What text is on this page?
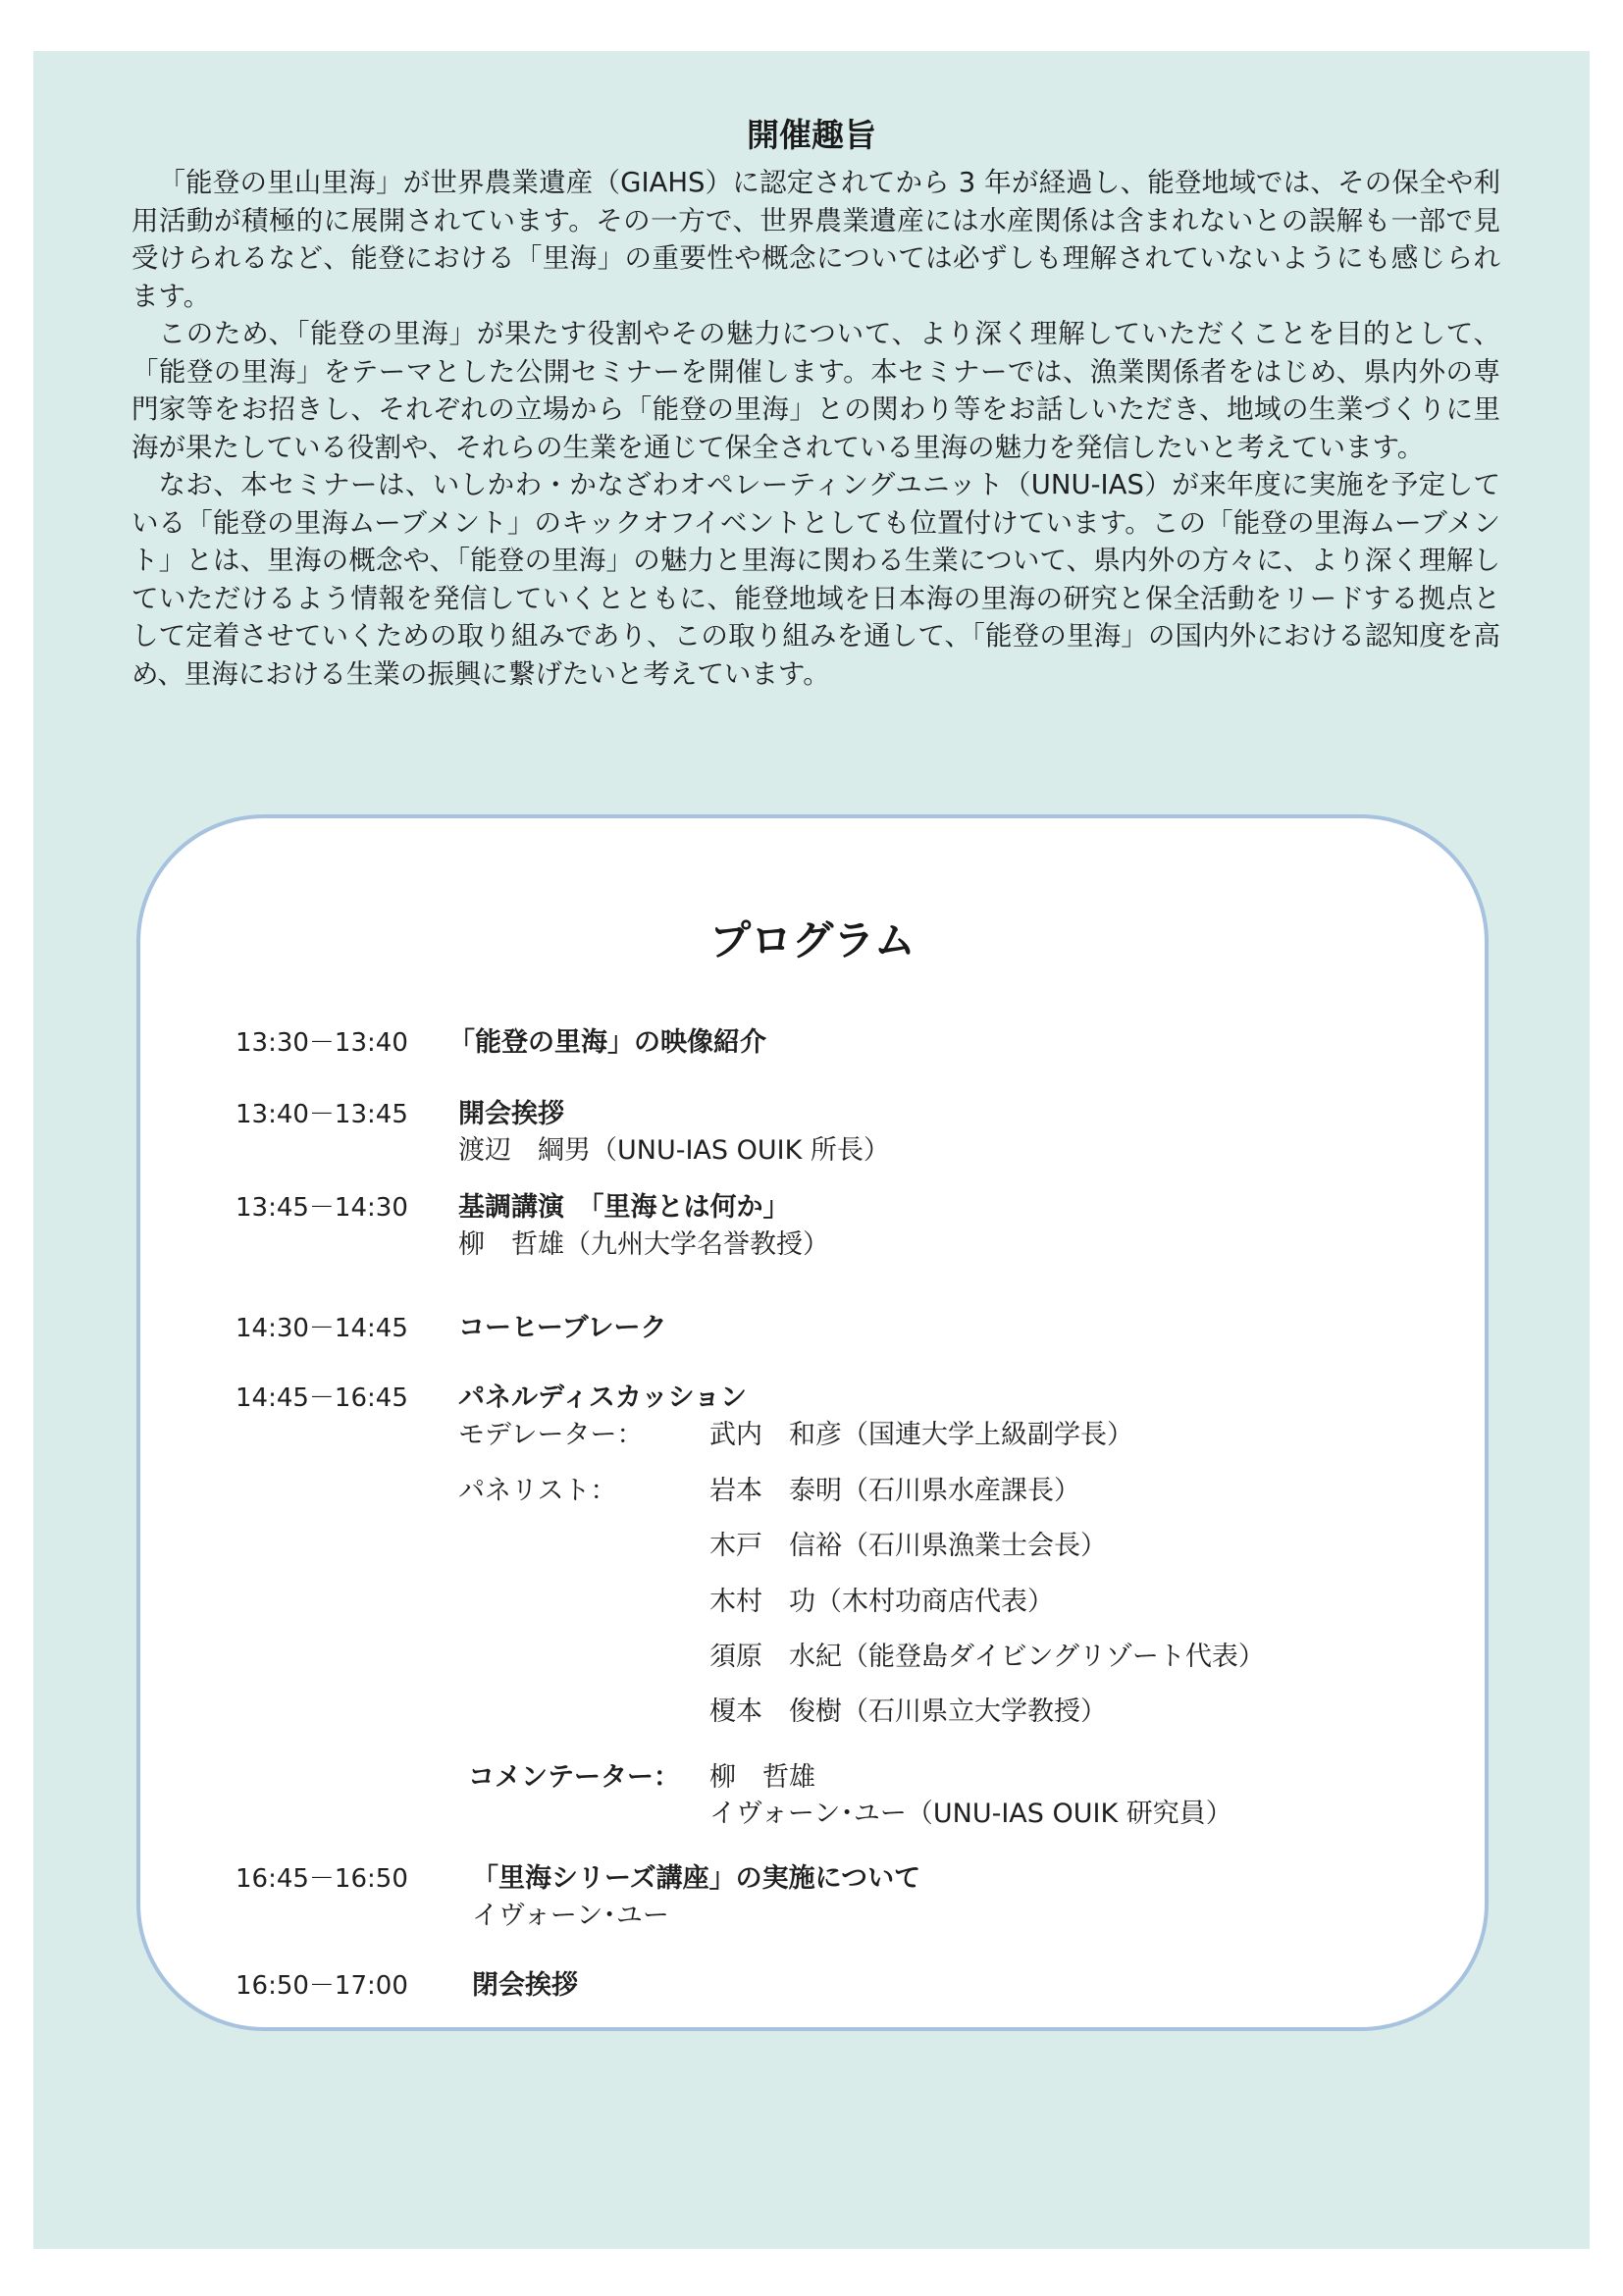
開催趣旨

「能登の里山里海」が世界農業遺産（GIAHS）に認定されてから 3 年が経過し、能登地域では、その保全や利用活動が積極的に展開されています。その一方で、世界農業遺産には水産関係は含まれないとの誤解も一部で見受けられるなど、能登における「里海」の重要性や概念については必ずしも理解されていないようにも感じられます。

このため、「能登の里海」が果たす役割やその魅力について、より深く理解していただくことを目的として、「能登の里海」をテーマとした公開セミナーを開催します。本セミナーでは、漁業関係者をはじめ、県内外の専門家等をお招きし、それぞれの立場から「能登の里海」との関わり等をお話しいただき、地域の生業づくりに里海が果たしている役割や、それらの生業を通じて保全されている里海の魅力を発信したいと考えています。

なお、本セミナーは、いしかわ・かなざわオペレーティングユニット（UNU-IAS）が来年度に実施を予定している「能登の里海ムーブメント」のキックオフイベントとしても位置付けています。この「能登の里海ムーブメント」とは、里海の概念や、「能登の里海」の魅力と里海に関わる生業について、県内外の方々に、より深く理解していただけるよう情報を発信していくとともに、能登地域を日本海の里海の研究と保全活動をリードする拠点として定着させていくための取り組みであり、この取り組みを通して、「能登の里海」の国内外における認知度を高め、里海における生業の振興に繋げたいと考えています。

プログラム
13:30－13:40 「能登の里海」の映像紹介
13:40－13:45 開会挨拶
渡辺　綱男（UNU-IAS OUIK 所長）
13:45－14:30 基調講演　「里海とは何か」
柳　哲雄（九州大学名誉教授）
14:30－14:45 コーヒーブレーク
14:45－16:45 パネルディスカッション
モデレーター：	武内　和彦（国連大学上級副学長）
パネリスト：	岩本　泰明（石川県水産課長）
木戸　信裕（石川県漁業士会長）
木村　功（木村功商店代表）
須原　水紀（能登島ダイビングリゾート代表）
榎本　俊樹（石川県立大学教授）
コメンテーター： 柳　哲雄
イヴォーン･ユー（UNU-IAS OUIK 研究員）
16:45－16:50 「里海シリーズ講座」の実施について
イヴォーン･ユー
16:50－17:00 閉会挨拶
